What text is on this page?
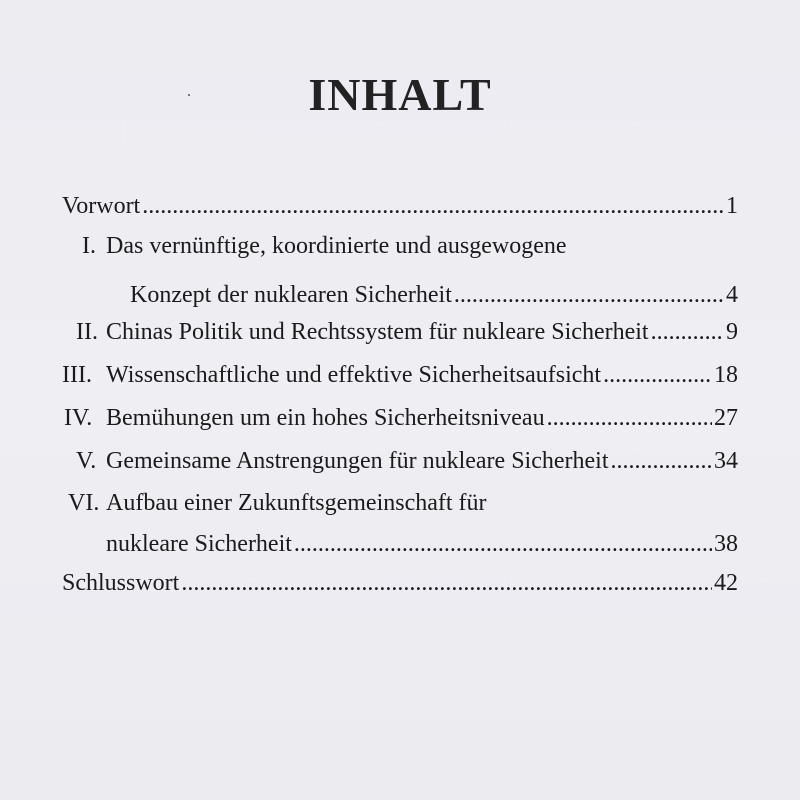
INHALT
Vorwort .....	1
I. Das vernünftige, koordinierte und ausgewogene
Konzept der nuklearen Sicherheit .....	4
II. Chinas Politik und Rechtssystem für nukleare Sicherheit .....	9
III. Wissenschaftliche und effektive Sicherheitsaufsicht .....	18
IV. Bemühungen um ein hohes Sicherheitsniveau .....	27
V. Gemeinsame Anstrengungen für nukleare Sicherheit .....	34
VI. Aufbau einer Zukunftsgemeinschaft für
nukleare Sicherheit .....	38
Schlusswort .....	42
